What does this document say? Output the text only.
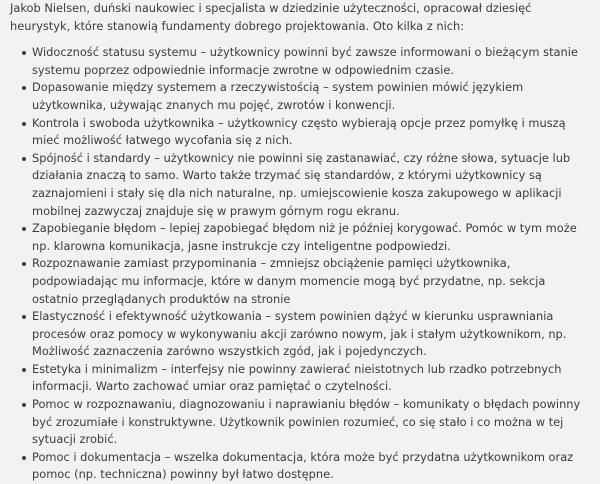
Jakob Nielsen, duński naukowiec i specjalista w dziedzinie użyteczności, opracował dziesięć heurystyk, które stanowią fundamenty dobrego projektowania. Oto kilka z nich:

Widoczność statusu systemu – użytkownicy powinni być zawsze informowani o bieżącym stanie systemu poprzez odpowiednie informacje zwrotne w odpowiednim czasie.
Dopasowanie między systemem a rzeczywistością – system powinien mówić językiem użytkownika, używając znanych mu pojęć, zwrotów i konwencji.
Kontrola i swoboda użytkownika – użytkownicy często wybierają opcje przez pomyłkę i muszą mieć możliwość łatwego wycofania się z nich.
Spójność i standardy – użytkownicy nie powinni się zastanawiać, czy różne słowa, sytuacje lub działania znaczą to samo. Warto także trzymać się standardów, z którymi użytkownicy są zaznajomieni i stały się dla nich naturalne, np. umiejscowienie kosza zakupowego w aplikacji mobilnej zazwyczaj znajduje się w prawym górnym rogu ekranu.
Zapobieganie błędom – lepiej zapobiegać błędom niż je później korygować. Pomóc w tym może np. klarowna komunikacja, jasne instrukcje czy inteligentne podpowiedzi.
Rozpoznawanie zamiast przypominania – zmniejsz obciążenie pamięci użytkownika, podpowiadając mu informacje, które w danym momencie mogą być przydatne, np. sekcja ostatnio przeglądanych produktów na stronie
Elastyczność i efektywność użytkowania – system powinien dążyć w kierunku usprawniania procesów oraz pomocy w wykonywaniu akcji zarówno nowym, jak i stałym użytkownikom, np. Możliwość zaznaczenia zarówno wszystkich zgód, jak i pojedynczych.
Estetyka i minimalizm – interfejsy nie powinny zawierać nieistotnych lub rzadko potrzebnych informacji. Warto zachować umiar oraz pamiętać o czytelności.
Pomoc w rozpoznawaniu, diagnozowaniu i naprawianiu błędów – komunikaty o błędach powinny być zrozumiałe i konstruktywne. Użytkownik powinien rozumieć, co się stało i co można w tej sytuacji zrobić.
Pomoc i dokumentacja – wszelka dokumentacja, która może być przydatna użytkownikom oraz pomoc (np. techniczna) powinny był łatwo dostępne.
